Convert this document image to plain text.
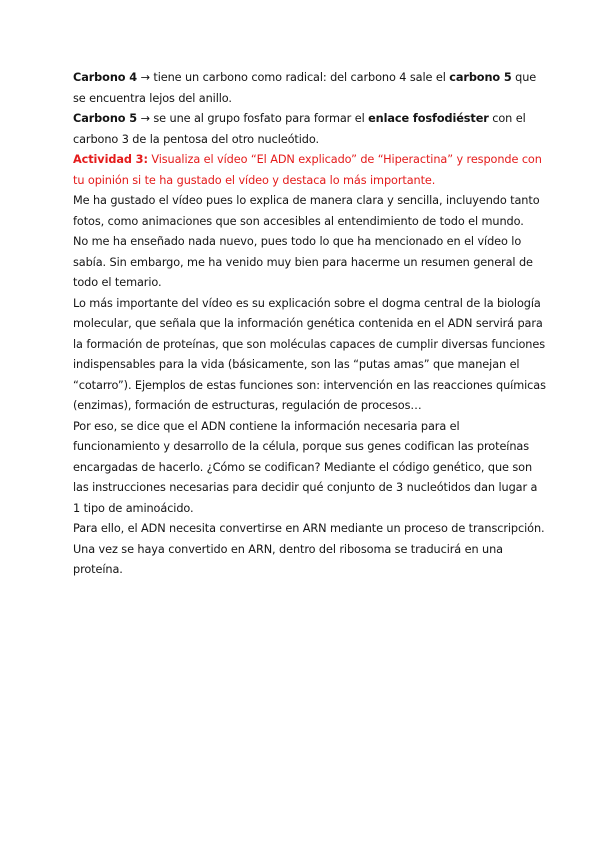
Carbono 4 → tiene un carbono como radical: del carbono 4 sale el carbono 5 que
se encuentra lejos del anillo.
Carbono 5 → se une al grupo fosfato para formar el enlace fosfodiéster con el
carbono 3 de la pentosa del otro nucleótido.
Actividad 3: Visualiza el vídeo “El ADN explicado” de “Hiperactina” y responde con
tu opinión si te ha gustado el vídeo y destaca lo más importante.
Me ha gustado el vídeo pues lo explica de manera clara y sencilla, incluyendo tanto
fotos, como animaciones que son accesibles al entendimiento de todo el mundo.
No me ha enseñado nada nuevo, pues todo lo que ha mencionado en el vídeo lo
sabía. Sin embargo, me ha venido muy bien para hacerme un resumen general de
todo el temario.
Lo más importante del vídeo es su explicación sobre el dogma central de la biología
molecular, que señala que la información genética contenida en el ADN servirá para
la formación de proteínas, que son moléculas capaces de cumplir diversas funciones
indispensables para la vida (básicamente, son las “putas amas” que manejan el
“cotarro”). Ejemplos de estas funciones son: intervención en las reacciones químicas
(enzimas), formación de estructuras, regulación de procesos…
Por eso, se dice que el ADN contiene la información necesaria para el
funcionamiento y desarrollo de la célula, porque sus genes codifican las proteínas
encargadas de hacerlo. ¿Cómo se codifican? Mediante el código genético, que son
las instrucciones necesarias para decidir qué conjunto de 3 nucleótidos dan lugar a
1 tipo de aminoácido.
Para ello, el ADN necesita convertirse en ARN mediante un proceso de transcripción.
Una vez se haya convertido en ARN, dentro del ribosoma se traducirá en una
proteína.
